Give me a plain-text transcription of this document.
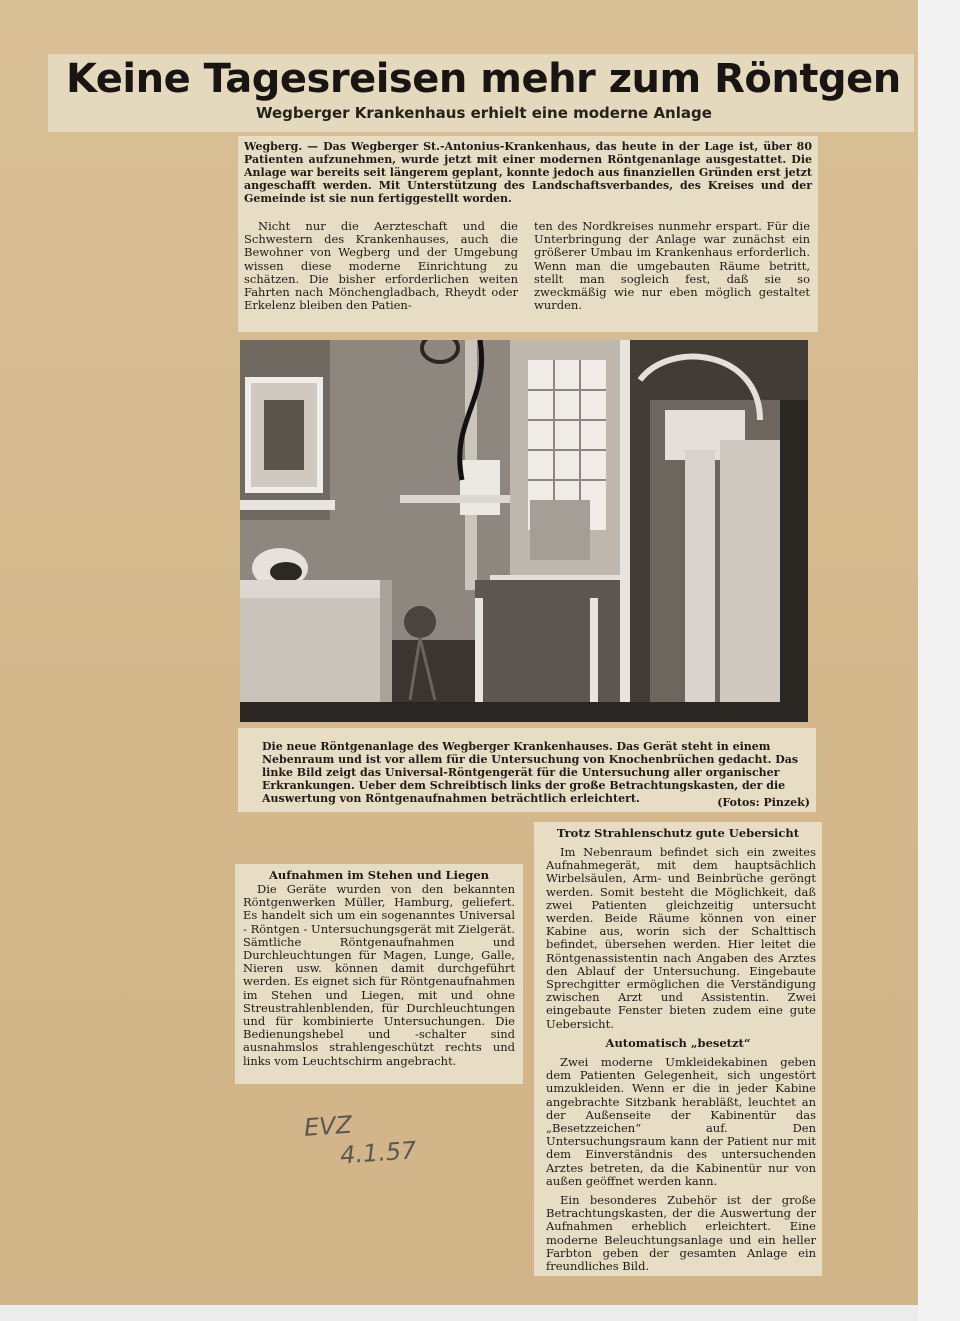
Keine Tagesreisen mehr zum Röntgen
Wegberger Krankenhaus erhielt eine moderne Anlage

Wegberg. — Das Wegberger St.-Antonius-Krankenhaus, das heute in der Lage ist, über 80 Patienten aufzunehmen, wurde jetzt mit einer modernen Röntgenanlage ausgestattet. Die Anlage war bereits seit längerem geplant, konnte jedoch aus finanziellen Gründen erst jetzt angeschafft werden. Mit Unterstützung des Landschaftsverbandes, des Kreises und der Gemeinde ist sie nun fertiggestellt worden.

Nicht nur die Aerzteschaft und die Schwestern des Krankenhauses, auch die Bewohner von Wegberg und der Umgebung wissen diese moderne Einrichtung zu schätzen. Die bisher erforderlichen weiten Fahrten nach Mönchengladbach, Rheydt oder Erkelenz bleiben den Patien-

ten des Nordkreises nunmehr erspart. Für die Unterbringung der Anlage war zunächst ein größerer Umbau im Krankenhaus erforderlich. Wenn man die umgebauten Räume betritt, stellt man sogleich fest, daß sie so zweckmäßig wie nur eben möglich gestaltet wurden.

Die neue Röntgenanlage des Wegberger Krankenhauses. Das Gerät steht in einem Nebenraum und ist vor allem für die Untersuchung von Knochenbrüchen gedacht. Das linke Bild zeigt das Universal-Röntgengerät für die Untersuchung aller organischer Erkrankungen. Ueber dem Schreibtisch links der große Betrachtungskasten, der die Auswertung von Röntgenaufnahmen beträchtlich erleichtert.	(Fotos: Pinzek)
Aufnahmen im Stehen und Liegen

Die Geräte wurden von den bekannten Röntgenwerken Müller, Hamburg, geliefert. Es handelt sich um ein sogenanntes Universal - Röntgen - Untersuchungsgerät mit Zielgerät. Sämtliche Röntgenaufnahmen und Durchleuchtungen für Magen, Lunge, Galle, Nieren usw. können damit durchgeführt werden. Es eignet sich für Röntgenaufnahmen im Stehen und Liegen, mit und ohne Streustrahlenblenden, für Durchleuchtungen und für kombinierte Untersuchungen. Die Bedienungshebel und -schalter sind ausnahmslos strahlengeschützt rechts und links vom Leuchtschirm angebracht.

Trotz Strahlenschutz gute Uebersicht

Im Nebenraum befindet sich ein zweites Aufnahmegerät, mit dem hauptsächlich Wirbelsäulen, Arm- und Beinbrüche geröngt werden. Somit besteht die Möglichkeit, daß zwei Patienten gleichzeitig untersucht werden. Beide Räume können von einer Kabine aus, worin sich der Schalttisch befindet, übersehen werden. Hier leitet die Röntgenassistentin nach Angaben des Arztes den Ablauf der Untersuchung. Eingebaute Sprechgitter ermöglichen die Verständigung zwischen Arzt und Assistentin. Zwei eingebaute Fenster bieten zudem eine gute Uebersicht.

Automatisch „besetzt“

Zwei moderne Umkleidekabinen geben dem Patienten Gelegenheit, sich ungestört umzukleiden. Wenn er die in jeder Kabine angebrachte Sitzbank herabläßt, leuchtet an der Außenseite der Kabinentür das „Besetzzeichen“ auf. Den Untersuchungsraum kann der Patient nur mit dem Einverständnis des untersuchenden Arztes betreten, da die Kabinentür nur von außen geöffnet werden kann.

Ein besonderes Zubehör ist der große Betrachtungskasten, der die Auswertung der Aufnahmen erheblich erleichtert. Eine moderne Beleuchtungsanlage und ein heller Farbton geben der gesamten Anlage ein freundliches Bild.

EVZ
4.1.57
